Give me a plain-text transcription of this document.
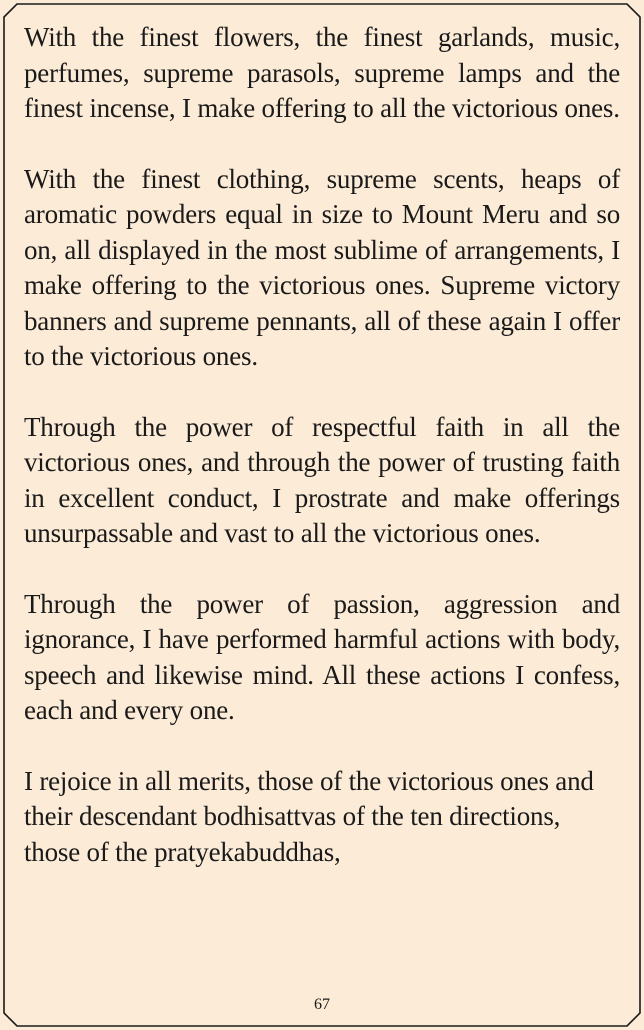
With the finest flowers, the finest garlands, music, perfumes, supreme parasols, supreme lamps and the finest incense, I make offering to all the victorious ones.

With the finest clothing, supreme scents, heaps of aromatic powders equal in size to Mount Meru and so on, all displayed in the most sublime of arrangements, I make offering to the victorious ones. Supreme victory banners and supreme pennants, all of these again I offer to the victorious ones.

Through the power of respectful faith in all the victorious ones, and through the power of trusting faith in excellent conduct, I prostrate and make offerings unsurpassable and vast to all the victorious ones.

Through the power of passion, aggression and ignorance, I have performed harmful actions with body, speech and likewise mind. All these actions I confess, each and every one.

I rejoice in all merits, those of the victorious ones and their descendant bodhisattvas of the ten directions, those of the pratyekabuddhas,

67
